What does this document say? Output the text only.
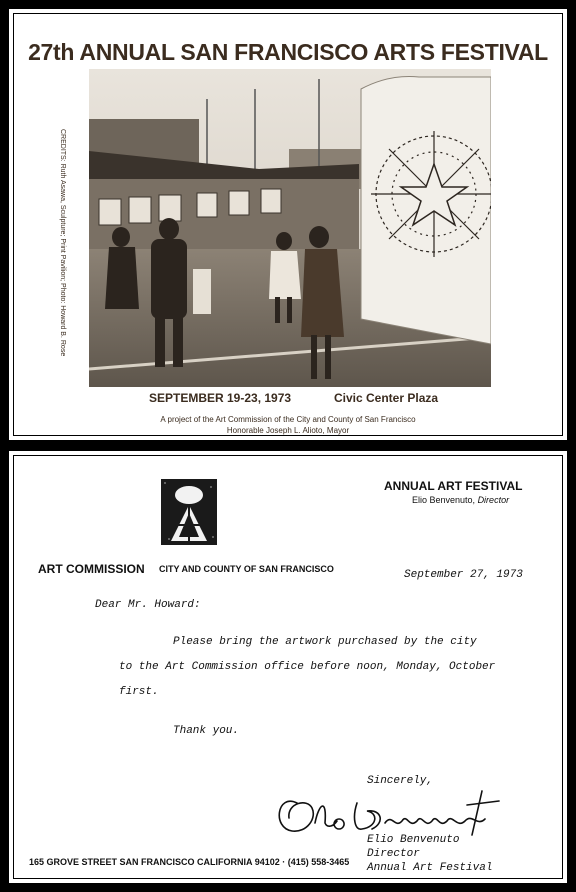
27th ANNUAL SAN FRANCISCO ARTS FESTIVAL
CREDITS: Ruth Asawa, Sculpture; Print Pavilion; Photo: Howard B. Rose
SEPTEMBER 19-23, 1973	Civic Center Plaza
A project of the Art Commission of the City and County of San Francisco
Honorable Joseph L. Alioto, Mayor
ANNUAL ART FESTIVAL
Elio Benvenuto, Director
ART COMMISSION CITY AND COUNTY OF SAN FRANCISCO	September 27, 1973
Dear Mr. Howard:
Please bring the artwork purchased by the city
to the Art Commission office before noon, Monday, October
first.
Thank you.
Sincerely,
Elio Benvenuto
Director
Annual Art Festival
165 GROVE STREET SAN FRANCISCO CALIFORNIA 94102 · (415) 558-3465
